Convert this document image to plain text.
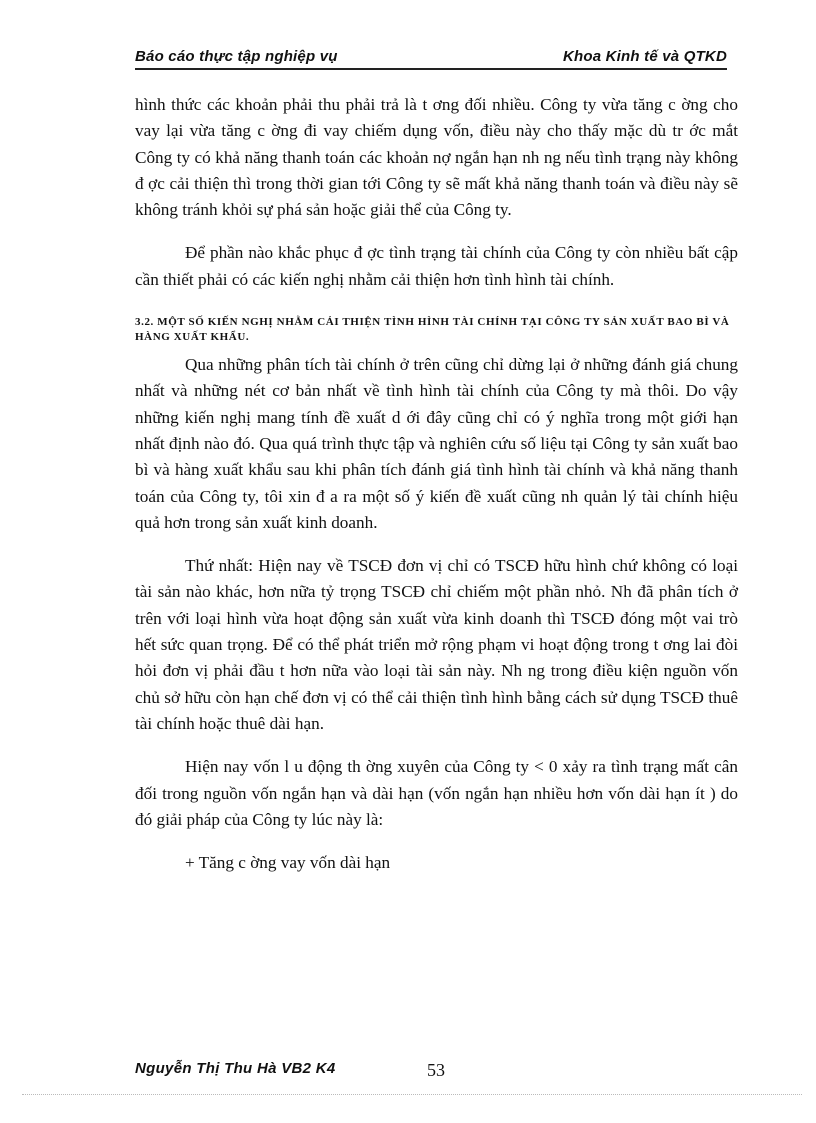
Báo cáo thực tập nghiệp vụ	Khoa Kinh tế và QTKD

hình thức các khoản phải thu phải trả là t ơng đối nhiều. Công ty vừa tăng c ờng cho vay lại vừa tăng c ờng đi vay chiếm dụng vốn, điều này cho thấy mặc dù tr ớc mắt Công ty có khả năng thanh toán các khoản nợ ngắn hạn nh ng nếu tình trạng này không đ ợc cải thiện thì trong thời gian tới Công ty sẽ mất khả năng thanh toán và điều này sẽ không tránh khỏi sự phá sản hoặc giải thể của Công ty.

Để phần nào khắc phục đ ợc tình trạng tài chính của Công ty còn nhiều bất cập cần thiết phải có các kiến nghị nhằm cải thiện hơn tình hình tài chính.

3.2. MỘT SỐ KIẾN NGHỊ NHẰM CẢI THIỆN TÌNH HÌNH TÀI CHÍNH TẠI CÔNG TY SẢN XUẤT BAO BÌ VÀ HÀNG XUẤT KHẨU.

Qua những phân tích tài chính ở trên cũng chỉ dừng lại ở những đánh giá chung nhất và những nét cơ bản nhất về tình hình tài chính của Công ty mà thôi. Do vậy những kiến nghị mang tính đề xuất d ới đây cũng chỉ có ý nghĩa trong một giới hạn nhất định nào đó. Qua quá trình thực tập và nghiên cứu số liệu tại Công ty sản xuất bao bì và hàng xuất khẩu sau khi phân tích đánh giá tình hình tài chính và khả năng thanh toán của Công ty, tôi xin đ a ra một số ý kiến đề xuất cũng nh quản lý tài chính hiệu quả hơn trong sản xuất kinh doanh.

Thứ nhất: Hiện nay về TSCĐ đơn vị chỉ có TSCĐ hữu hình chứ không có loại tài sản nào khác, hơn nữa tỷ trọng TSCĐ chỉ chiếm một phần nhỏ. Nh đã phân tích ở trên với loại hình vừa hoạt động sản xuất vừa kinh doanh thì TSCĐ đóng một vai trò hết sức quan trọng. Để có thể phát triển mở rộng phạm vi hoạt động trong t ơng lai đòi hỏi đơn vị phải đầu t hơn nữa vào loại tài sản này. Nh ng trong điều kiện nguồn vốn chủ sở hữu còn hạn chế đơn vị có thể cải thiện tình hình bằng cách sử dụng TSCĐ thuê tài chính hoặc thuê dài hạn.

Hiện nay vốn l u động th ờng xuyên của Công ty < 0 xảy ra tình trạng mất cân đối trong nguồn vốn ngắn hạn và dài hạn (vốn ngắn hạn nhiều hơn vốn dài hạn ít ) do đó giải pháp của Công ty lúc này là:

+ Tăng c ờng vay vốn dài hạn

Nguyễn Thị Thu Hà VB2 K4	53
